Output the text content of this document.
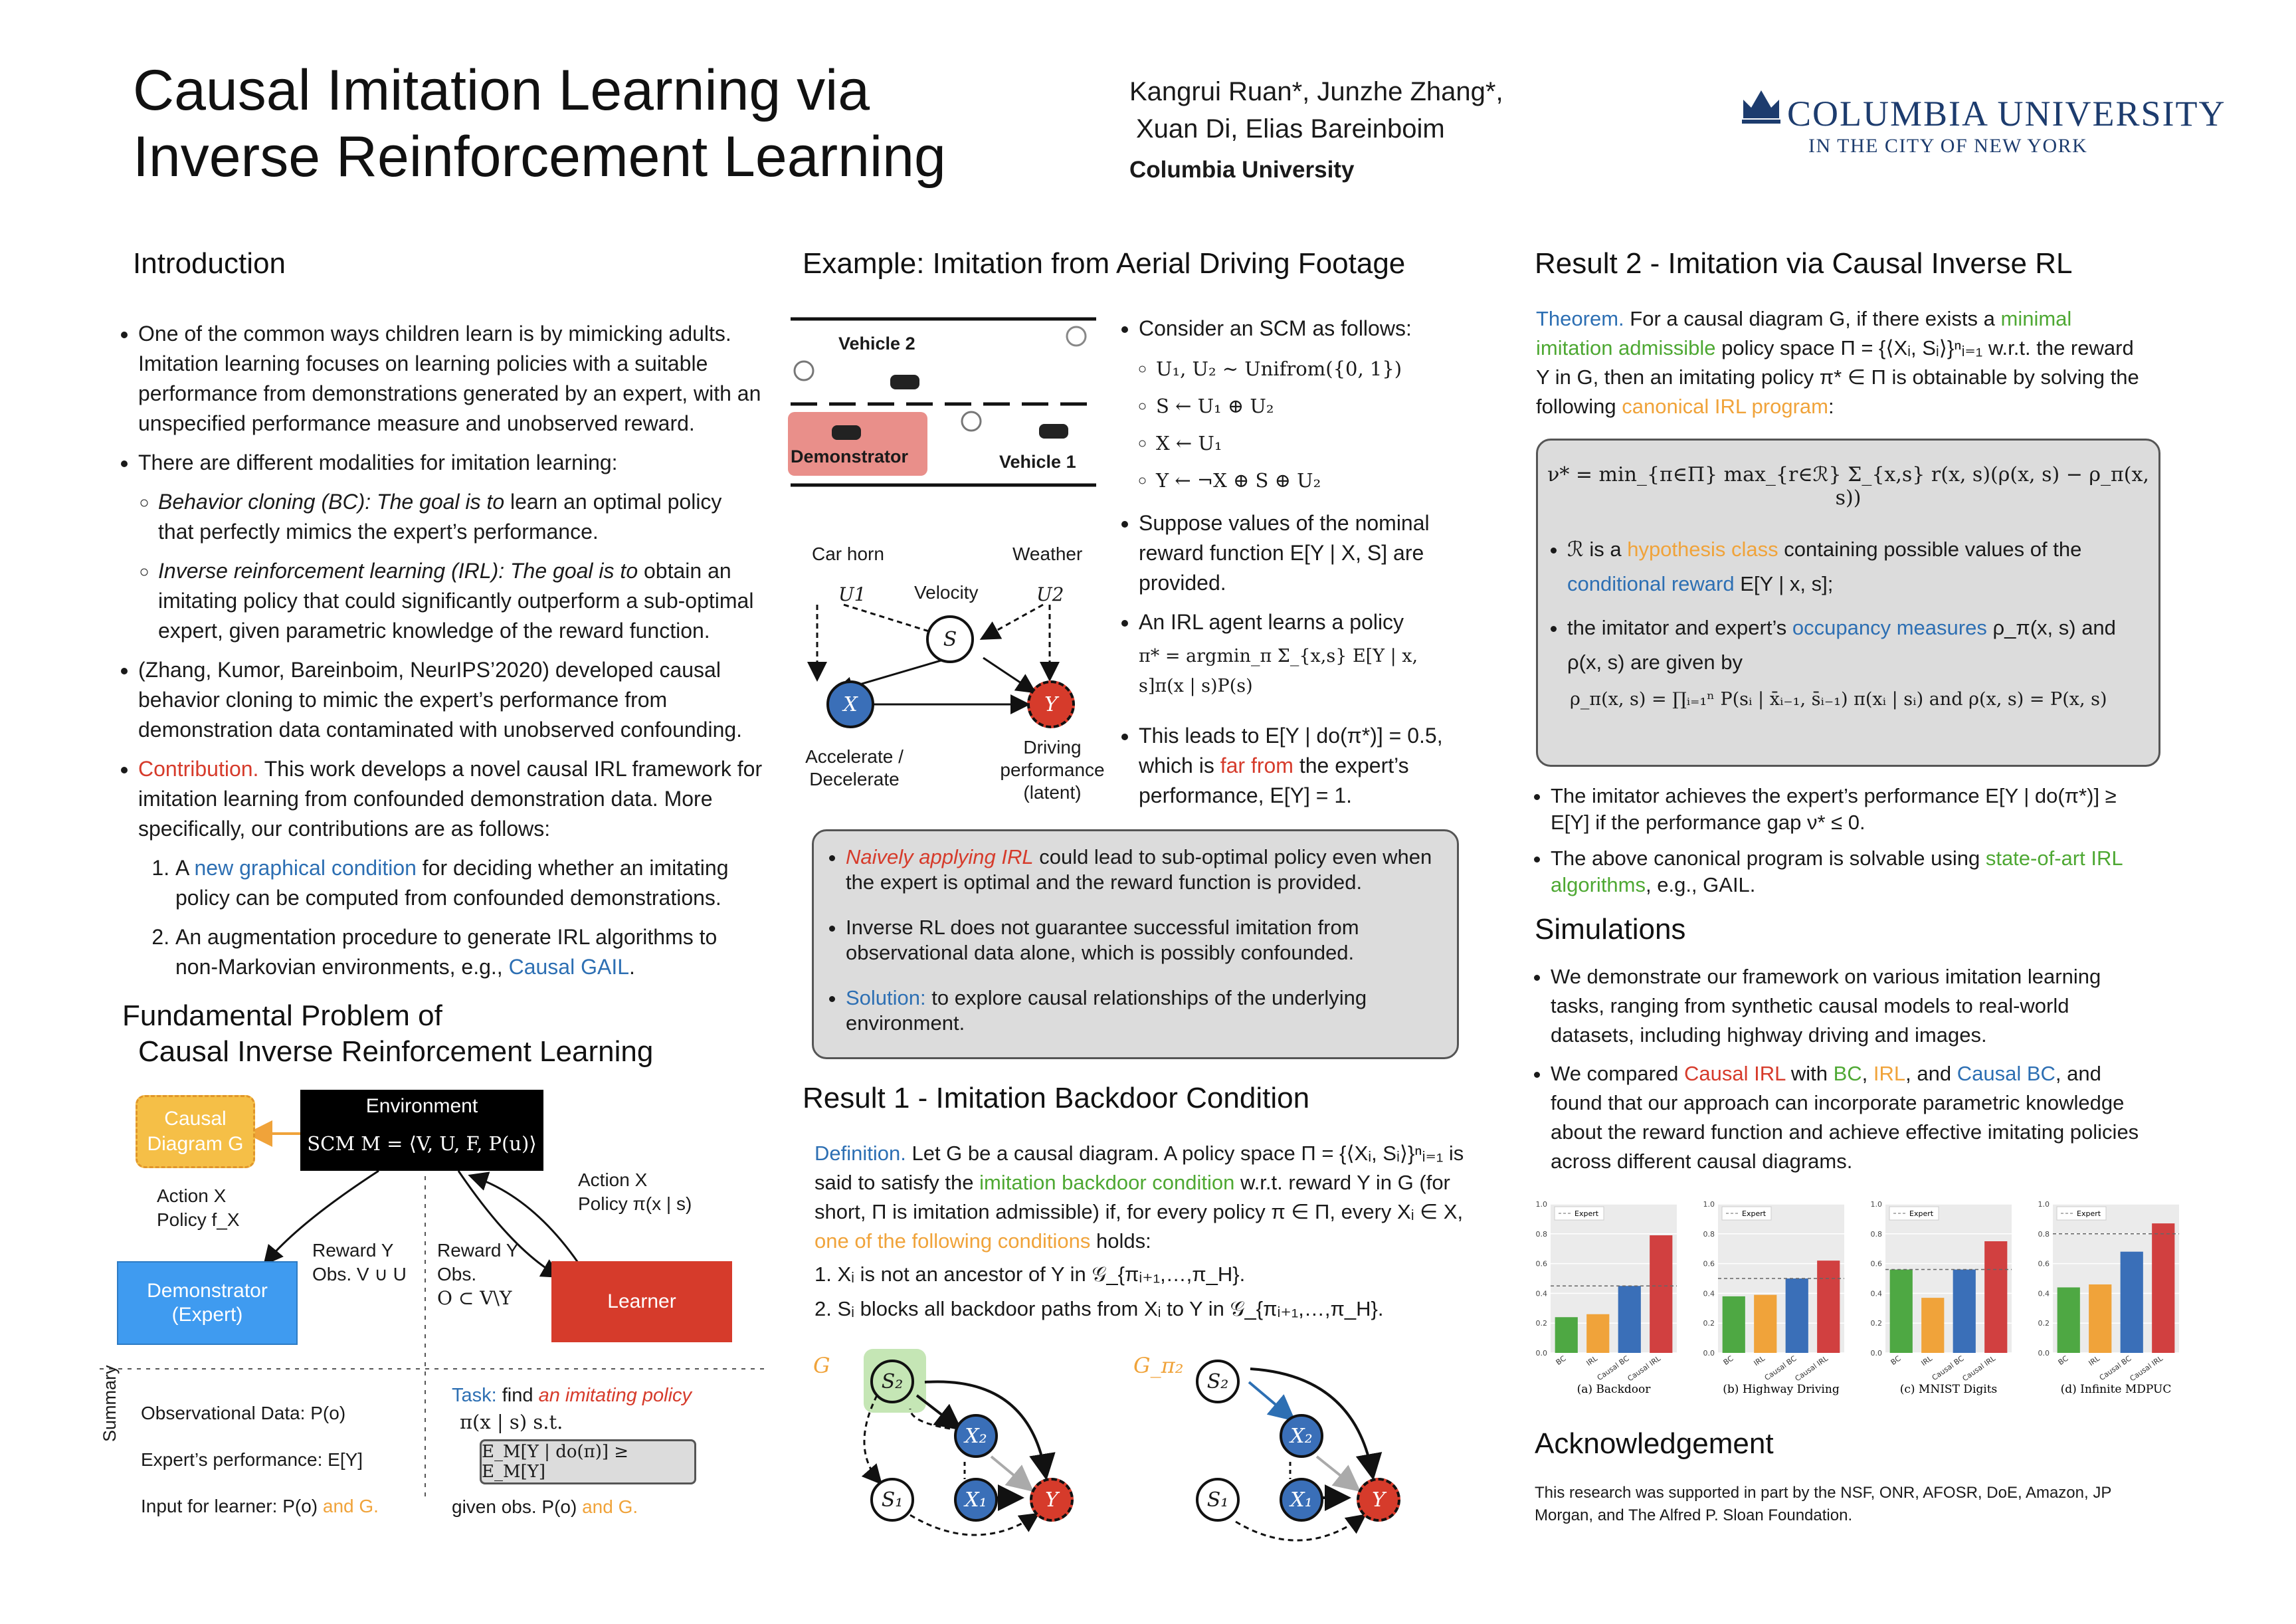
Causal Imitation Learning via
Inverse Reinforcement Learning
Kangrui Ruan*, Junzhe Zhang*,
Xuan Di, Elias Bareinboim
Columbia University
COLUMBIA UNIVERSITY
IN THE CITY OF NEW YORK
Introduction
• One of the common ways children learn is by mimicking adults. Imitation learning focuses on learning policies with a suitable performance from demonstrations generated by an expert, with an unspecified performance measure and unobserved reward.
• There are different modalities for imitation learning:
◦ Behavior cloning (BC): The goal is to learn an optimal policy that perfectly mimics the expert’s performance.
◦ Inverse reinforcement learning (IRL): The goal is to obtain an imitating policy that could significantly outperform a sub-optimal expert, given parametric knowledge of the reward function.
• (Zhang, Kumor, Bareinboim, NeurIPS’2020) developed causal behavior cloning to mimic the expert’s performance from demonstration data contaminated with unobserved confounding.
• Contribution. This work develops a novel causal IRL framework for imitation learning from confounded demonstration data. More specifically, our contributions are as follows:
1. A new graphical condition for deciding whether an imitating policy can be computed from confounded demonstrations.
2. An augmentation procedure to generate IRL algorithms to non-Markovian environments, e.g., Causal GAIL.
Fundamental Problem of
Causal Inverse Reinforcement Learning
Causal Diagram G
Environment
SCM M = ⟨V, U, F, P(u)⟩
Action X
Policy f_X
Action X
Policy π(x | s)
Demonstrator (Expert)
Reward Y
Obs. V ∪ U
Reward Y
Obs.
O ⊂ V\Y	Learner
Summary Observational Data: P(o)
Expert’s performance: E[Y]
Input for learner: P(o) and G.
Task: find an imitating policy
π(x | s) s.t.
E_M[Y | do(π)] ≥ E_M[Y]
given obs. P(o) and G.
Example: Imitation from Aerial Driving Footage
Vehicle 2
Demonstrator	Vehicle 1
Car horn	Weather
Velocity
U1	U2
S
X	Y
Accelerate / Decelerate
Driving performance (latent)
• Consider an SCM as follows:
◦ U₁, U₂ ∼ Unifrom({0, 1})
◦ S ← U₁ ⊕ U₂
◦ X ← U₁
◦ Y ← ¬X ⊕ S ⊕ U₂
• Suppose values of the nominal reward function E[Y | X, S] are provided.
• An IRL agent learns a policy
π* = argmin_π Σ_{x,s} E[Y | x, s]π(x | s)P(s)
• This leads to E[Y | do(π*)] = 0.5, which is far from the expert’s performance, E[Y] = 1.
• Naively applying IRL could lead to sub-optimal policy even when the expert is optimal and the reward function is provided.
• Inverse RL does not guarantee successful imitation from observational data alone, which is possibly confounded.
• Solution: to explore causal relationships of the underlying environment.
Result 1 - Imitation Backdoor Condition
Definition. Let G be a causal diagram. A policy space Π = {⟨Xᵢ, Sᵢ⟩}ⁿᵢ₌₁ is said to satisfy the imitation backdoor condition w.r.t. reward Y in G (for short, Π is imitation admissible) if, for every policy π ∈ Π, every Xᵢ ∈ X, one of the following conditions holds:
1. Xᵢ is not an ancestor of Y in 𝒢_{πᵢ₊₁,…,π_H}.
2. Sᵢ blocks all backdoor paths from Xᵢ to Y in 𝒢_{πᵢ₊₁,…,π_H}.
G	G_π₂
S₂
X₂
S₁	X₁	Y
S₂
X₂
S₁	X₁	Y
Result 2 - Imitation via Causal Inverse RL
Theorem. For a causal diagram G, if there exists a minimal imitation admissible policy space Π = {⟨Xᵢ, Sᵢ⟩}ⁿᵢ₌₁ w.r.t. the reward Y in G, then an imitating policy π* ∈ Π is obtainable by solving the following canonical IRL program:
ν* = min_{π∈Π} max_{r∈ℛ} Σ_{x,s} r(x, s)(ρ(x, s) − ρ_π(x, s))
• ℛ is a hypothesis class containing possible values of the conditional reward E[Y | x, s];
• the imitator and expert’s occupancy measures ρ_π(x, s) and ρ(x, s) are given by
ρ_π(x, s) = ∏ᵢ₌₁ⁿ P(sᵢ | x̄ᵢ₋₁, s̄ᵢ₋₁) π(xᵢ | sᵢ) and ρ(x, s) = P(x, s)
• The imitator achieves the expert’s performance E[Y | do(π*)] ≥ E[Y] if the performance gap ν* ≤ 0.
• The above canonical program is solvable using state-of-art IRL algorithms, e.g., GAIL.
Simulations
• We demonstrate our framework on various imitation learning tasks, ranging from synthetic causal models to real-world datasets, including highway driving and images.
• We compared Causal IRL with BC, IRL, and Causal BC, and found that our approach can incorporate parametric knowledge about the reward function and achieve effective imitating policies across different causal diagrams.
0.0
0.2
0.4
0.6
0.8
1.0
BC IRL
Causal BC
Causal IRL
Expert
(a) Backdoor
0.0
0.2
0.4
0.6
0.8
1.0
BC IRL
Causal BC
Causal IRL
Expert
(b) Highway Driving
0.0
0.2
0.4
0.6
0.8
1.0
BC IRL
Causal BC
Causal IRL
Expert
(c) MNIST Digits
0.0
0.2
0.4
0.6
0.8
1.0
BC IRL
Causal BC
Causal IRL
Expert
(d) Infinite MDPUC
Acknowledgement
This research was supported in part by the NSF, ONR, AFOSR, DoE, Amazon, JP Morgan, and The Alfred P. Sloan Foundation.
